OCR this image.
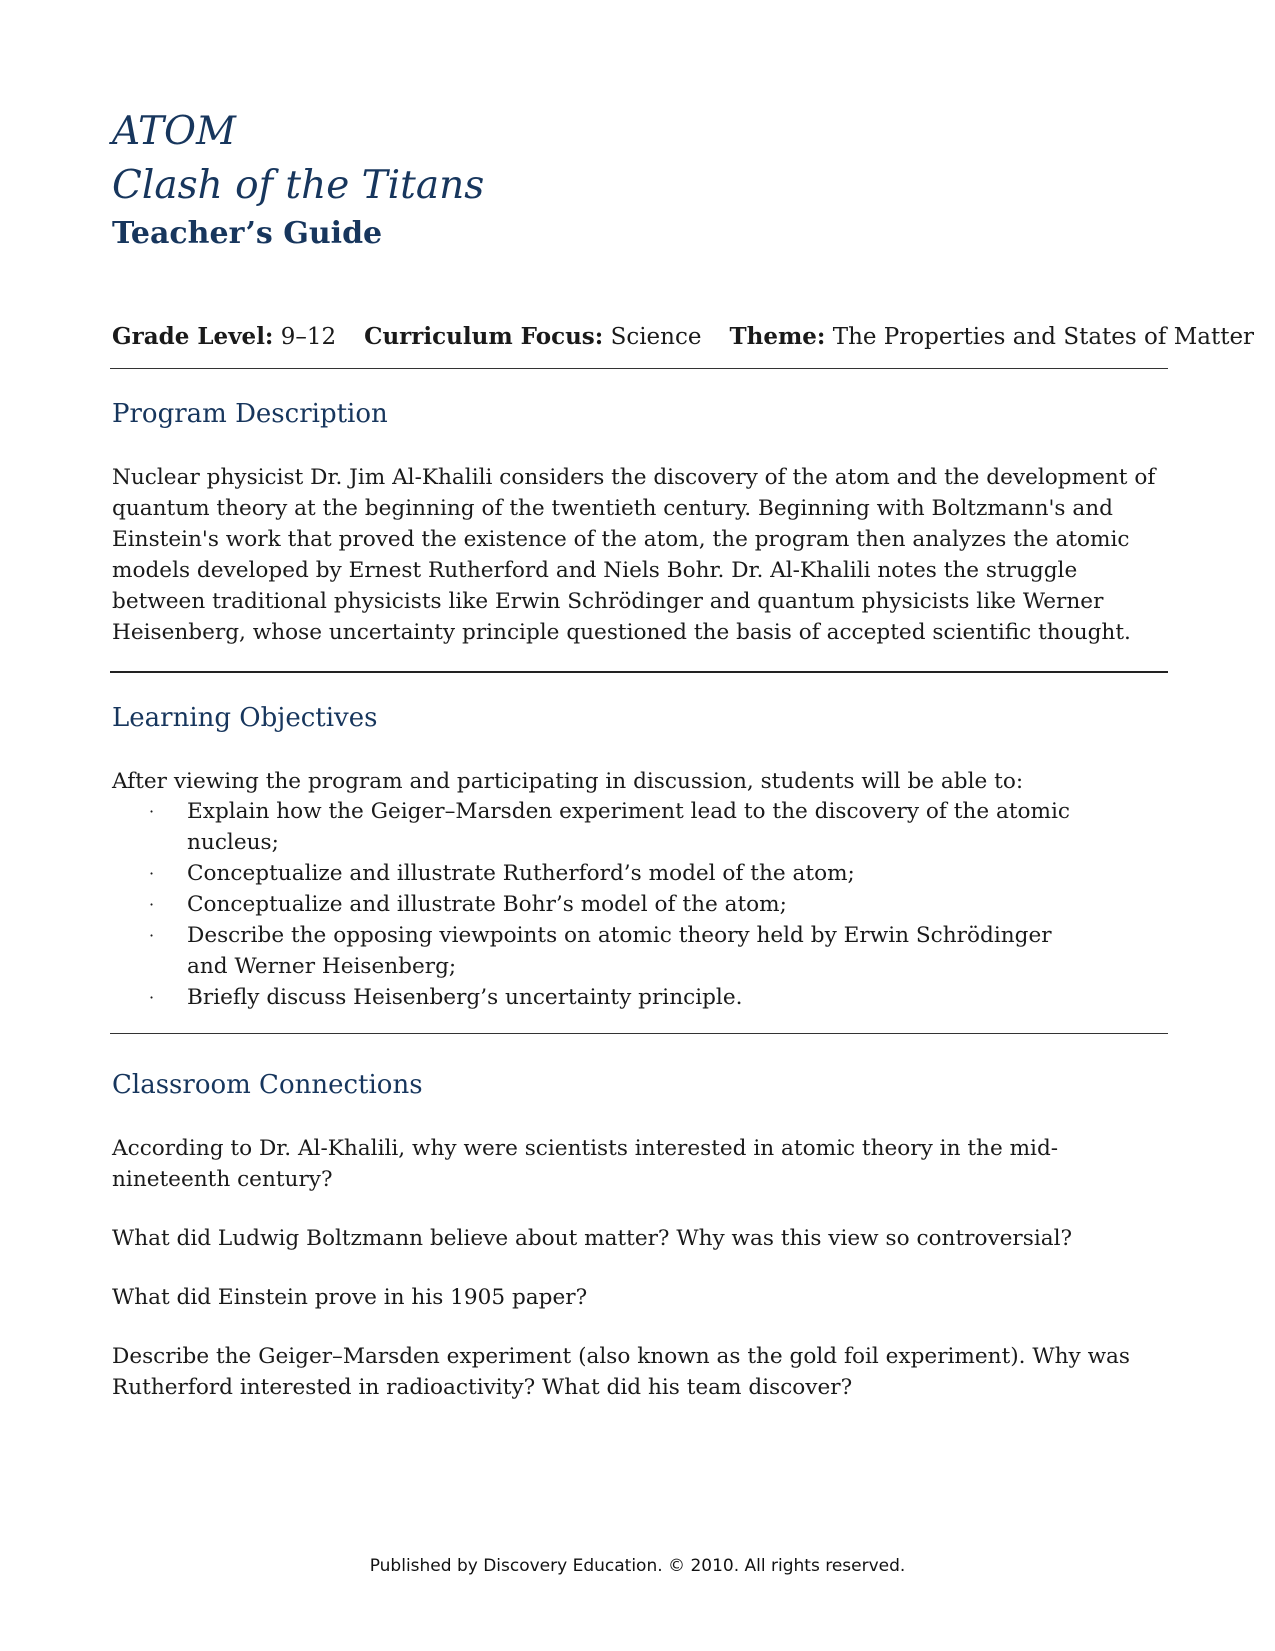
ATOM
Clash of the Titans
Teacher’s Guide
Grade Level: 9–12 Curriculum Focus: Science Theme: The Properties and States of Matter
Program Description

Nuclear physicist Dr. Jim Al-Khalili considers the discovery of the atom and the development of quantum theory at the beginning of the twentieth century. Beginning with Boltzmann's and Einstein's work that proved the existence of the atom, the program then analyzes the atomic models developed by Ernest Rutherford and Niels Bohr. Dr. Al-Khalili notes the struggle between traditional physicists like Erwin Schrödinger and quantum physicists like Werner Heisenberg, whose uncertainty principle questioned the basis of accepted scientific thought.

Learning Objectives

After viewing the program and participating in discussion, students will be able to:

· Explain how the Geiger–Marsden experiment lead to the discovery of the atomic nucleus;
· Conceptualize and illustrate Rutherford’s model of the atom;
· Conceptualize and illustrate Bohr’s model of the atom;
· Describe the opposing viewpoints on atomic theory held by Erwin Schrödinger and Werner Heisenberg;
· Briefly discuss Heisenberg’s uncertainty principle.
Classroom Connections

According to Dr. Al-Khalili, why were scientists interested in atomic theory in the mid-nineteenth century?

What did Ludwig Boltzmann believe about matter? Why was this view so controversial?

What did Einstein prove in his 1905 paper?

Describe the Geiger–Marsden experiment (also known as the gold foil experiment). Why was Rutherford interested in radioactivity? What did his team discover?

Published by Discovery Education. © 2010. All rights reserved.
